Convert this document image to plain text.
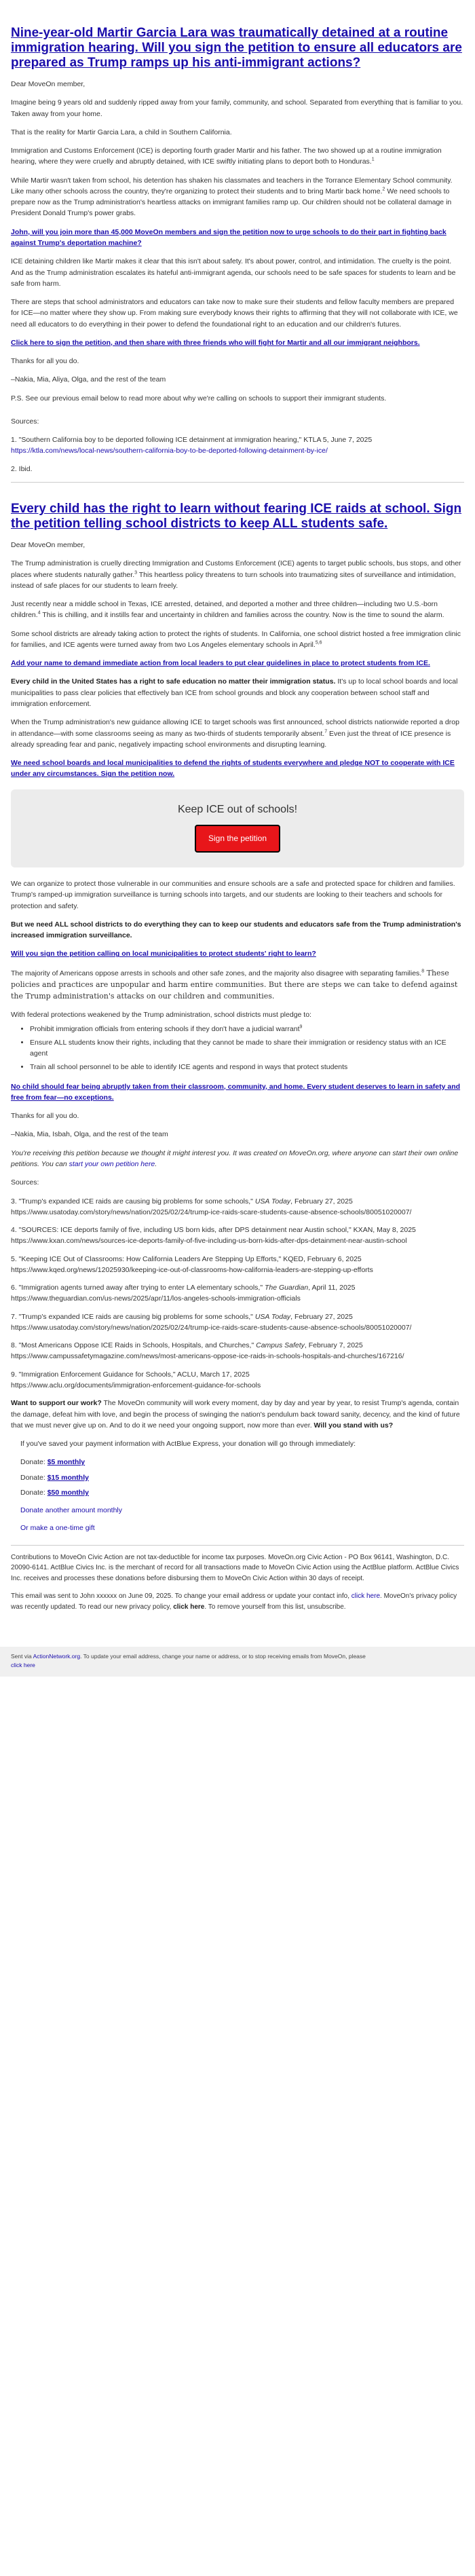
Nine-year-old Martir Garcia Lara was traumatically detained at a routine immigration hearing. Will you sign the petition to ensure all educators are prepared as Trump ramps up his anti-immigrant actions?

Dear MoveOn member,

Imagine being 9 years old and suddenly ripped away from your family, community, and school. Separated from everything that is familiar to you. Taken away from your home.

That is the reality for Martir Garcia Lara, a child in Southern California.

Immigration and Customs Enforcement (ICE) is deporting fourth grader Martir and his father. The two showed up at a routine immigration hearing, where they were cruelly and abruptly detained, with ICE swiftly initiating plans to deport both to Honduras.$^1$

While Martir wasn't taken from school, his detention has shaken his classmates and teachers in the Torrance Elementary School community. Like many other schools across the country, they're organizing to protect their students and to bring Martir back home.$^2$ We need schools to prepare now as the Trump administration's heartless attacks on immigrant families ramp up. Our children should not be collateral damage in President Donald Trump's power grabs.

John, will you join more than 45,000 MoveOn members and sign the petition now to urge schools to do their part in fighting back against Trump's deportation machine?

ICE detaining children like Martir makes it clear that this isn't about safety. It's about power, control, and intimidation. The cruelty is the point. And as the Trump administration escalates its hateful anti-immigrant agenda, our schools need to be safe spaces for students to learn and be safe from harm.

There are steps that school administrators and educators can take now to make sure their students and fellow faculty members are prepared for ICE—no matter where they show up. From making sure everybody knows their rights to affirming that they will not collaborate with ICE, we need all educators to do everything in their power to defend the foundational right to an education and our children's futures.

Click here to sign the petition, and then share with three friends who will fight for Martir and all our immigrant neighbors.

Thanks for all you do.

–Nakia, Mia, Aliya, Olga, and the rest of the team

P.S. See our previous email below to read more about why we're calling on schools to support their immigrant students.

Sources:

1. "Southern California boy to be deported following ICE detainment at immigration hearing," KTLA 5, June 7, 2025
https://ktla.com/news/local-news/southern-california-boy-to-be-deported-following-detainment-by-ice/

2. Ibid.

Every child has the right to learn without fearing ICE raids at school. Sign the petition telling school districts to keep ALL students safe.

Dear MoveOn member,

The Trump administration is cruelly directing Immigration and Customs Enforcement (ICE) agents to target public schools, bus stops, and other places where students naturally gather.$^3$ This heartless policy threatens to turn schools into traumatizing sites of surveillance and intimidation, instead of safe places for our students to learn freely.

Just recently near a middle school in Texas, ICE arrested, detained, and deported a mother and three children—including two U.S.-born children.$^4$ This is chilling, and it instills fear and uncertainty in children and families across the country. Now is the time to sound the alarm.

Some school districts are already taking action to protect the rights of students. In California, one school district hosted a free immigration clinic for families, and ICE agents were turned away from two Los Angeles elementary schools in April.$^{5,6}$

Add your name to demand immediate action from local leaders to put clear guidelines in place to protect students from ICE.

Every child in the United States has a right to safe education no matter their immigration status. It's up to local school boards and local municipalities to pass clear policies that effectively ban ICE from school grounds and block any cooperation between school staff and immigration enforcement.

When the Trump administration's new guidance allowing ICE to target schools was first announced, school districts nationwide reported a drop in attendance—with some classrooms seeing as many as two-thirds of students temporarily absent.$^7$ Even just the threat of ICE presence is already spreading fear and panic, negatively impacting school environments and disrupting learning.

We need school boards and local municipalities to defend the rights of students everywhere and pledge NOT to cooperate with ICE under any circumstances. Sign the petition now.

Keep ICE out of schools!
Sign the petition

We can organize to protect those vulnerable in our communities and ensure schools are a safe and protected space for children and families. Trump's ramped-up immigration surveillance is turning schools into targets, and our students are looking to their teachers and schools for protection and safety.

But we need ALL school districts to do everything they can to keep our students and educators safe from the Trump administration's increased immigration surveillance.

Will you sign the petition calling on local municipalities to protect students' right to learn?

The majority of Americans oppose arrests in schools and other safe zones, and the majority also disagree with separating families.$^8$ These policies and practices are unpopular and harm entire communities. But there are steps we can take to defend against the Trump administration's attacks on our children and communities.

With federal protections weakened by the Trump administration, school districts must pledge to:

• Prohibit immigration officials from entering schools if they don't have a judicial warrant$^9$
• Ensure ALL students know their rights, including that they cannot be made to share their immigration or residency status with an ICE agent
• Train all school personnel to be able to identify ICE agents and respond in ways that protect students

No child should fear being abruptly taken from their classroom, community, and home. Every student deserves to learn in safety and free from fear—no exceptions.

Thanks for all you do.

–Nakia, Mia, Isbah, Olga, and the rest of the team

You're receiving this petition because we thought it might interest you. It was created on MoveOn.org, where anyone can start their own online petitions. You can start your own petition here.

Sources:

3. "Trump's expanded ICE raids are causing big problems for some schools," USA Today, February 27, 2025
https://www.usatoday.com/story/news/nation/2025/02/24/trump-ice-raids-scare-students-cause-absence-schools/80051020007/
4. "SOURCES: ICE deports family of five, including US born kids, after DPS detainment near Austin school," KXAN, May 8, 2025
https://www.kxan.com/news/sources-ice-deports-family-of-five-including-us-born-kids-after-dps-detainment-near-austin-school
5. "Keeping ICE Out of Classrooms: How California Leaders Are Stepping Up Efforts," KQED, February 6, 2025
https://www.kqed.org/news/12025930/keeping-ice-out-of-classrooms-how-california-leaders-are-stepping-up-efforts
6. "Immigration agents turned away after trying to enter LA elementary schools," The Guardian, April 11, 2025
https://www.theguardian.com/us-news/2025/apr/11/los-angeles-schools-immigration-officials
7. "Trump's expanded ICE raids are causing big problems for some schools," USA Today, February 27, 2025
https://www.usatoday.com/story/news/nation/2025/02/24/trump-ice-raids-scare-students-cause-absence-schools/80051020007/
8. "Most Americans Oppose ICE Raids in Schools, Hospitals, and Churches," Campus Safety, February 7, 2025
https://www.campussafetymagazine.com/news/most-americans-oppose-ice-raids-in-schools-hospitals-and-churches/167216/
9. "Immigration Enforcement Guidance for Schools," ACLU, March 17, 2025
https://www.aclu.org/documents/immigration-enforcement-guidance-for-schools

Want to support our work? The MoveOn community will work every moment, day by day and year by year, to resist Trump's agenda, contain the damage, defeat him with love, and begin the process of swinging the nation's pendulum back toward sanity, decency, and the kind of future that we must never give up on. And to do it we need your ongoing support, now more than ever. Will you stand with us?

If you've saved your payment information with ActBlue Express, your donation will go through immediately:

Donate: $5 monthly
Donate: $15 monthly
Donate: $50 monthly
Donate another amount monthly
Or make a one-time gift

Contributions to MoveOn Civic Action are not tax-deductible for income tax purposes. MoveOn.org Civic Action - PO Box 96141, Washington, D.C. 20090-6141. ActBlue Civics Inc. is the merchant of record for all transactions made to MoveOn Civic Action using the ActBlue platform. ActBlue Civics Inc. receives and processes these donations before disbursing them to MoveOn Civic Action within 30 days of receipt.

This email was sent to John xxxxxx on June 09, 2025. To change your email address or update your contact info, click here. MoveOn's privacy policy was recently updated. To read our new privacy policy, click here. To remove yourself from this list, unsubscribe.

Sent via ActionNetwork.org. To update your email address, change your name or address, or to stop receiving emails from MoveOn, please
click here
